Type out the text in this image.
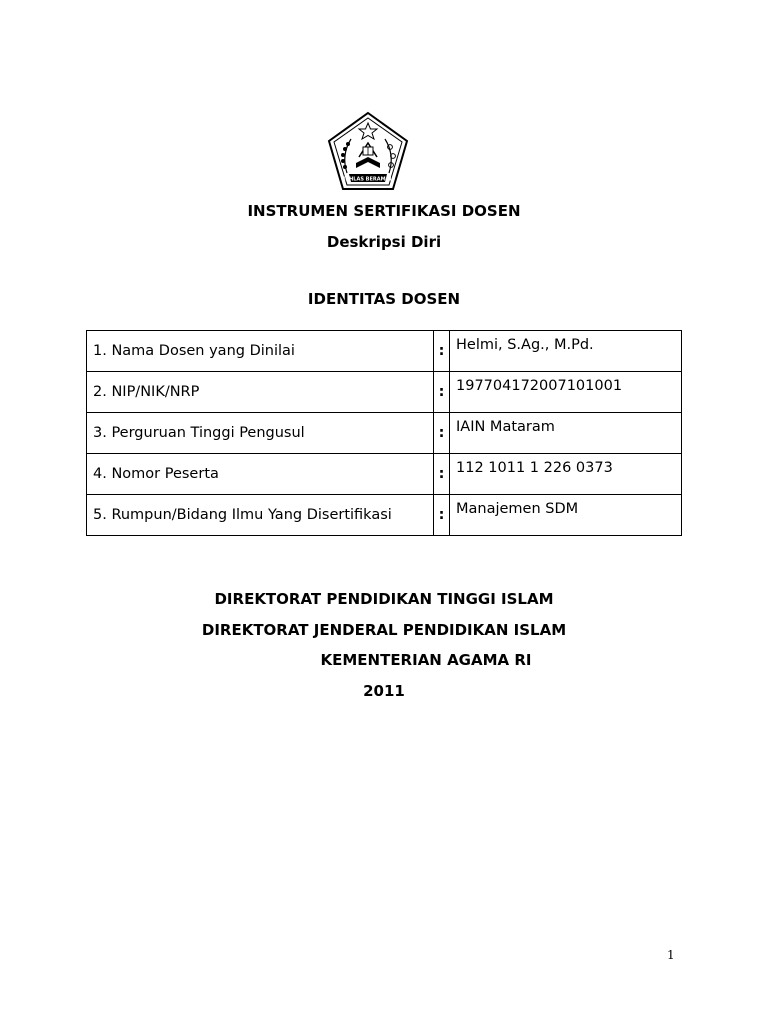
IKHLAS BERAMAL
INSTRUMEN SERTIFIKASI DOSEN
Deskripsi Diri
IDENTITAS DOSEN
1. Nama Dosen yang Dinilai	:	Helmi, S.Ag., M.Pd.
2. NIP/NIK/NRP	:	197704172007101001
3. Perguruan Tinggi Pengusul	:	IAIN Mataram
4. Nomor Peserta	:	112 1011 1 226 0373
5. Rumpun/Bidang Ilmu Yang Disertifikasi	:	Manajemen SDM
DIREKTORAT PENDIDIKAN TINGGI ISLAM
DIREKTORAT JENDERAL PENDIDIKAN ISLAM
KEMENTERIAN AGAMA RI
2011
1
